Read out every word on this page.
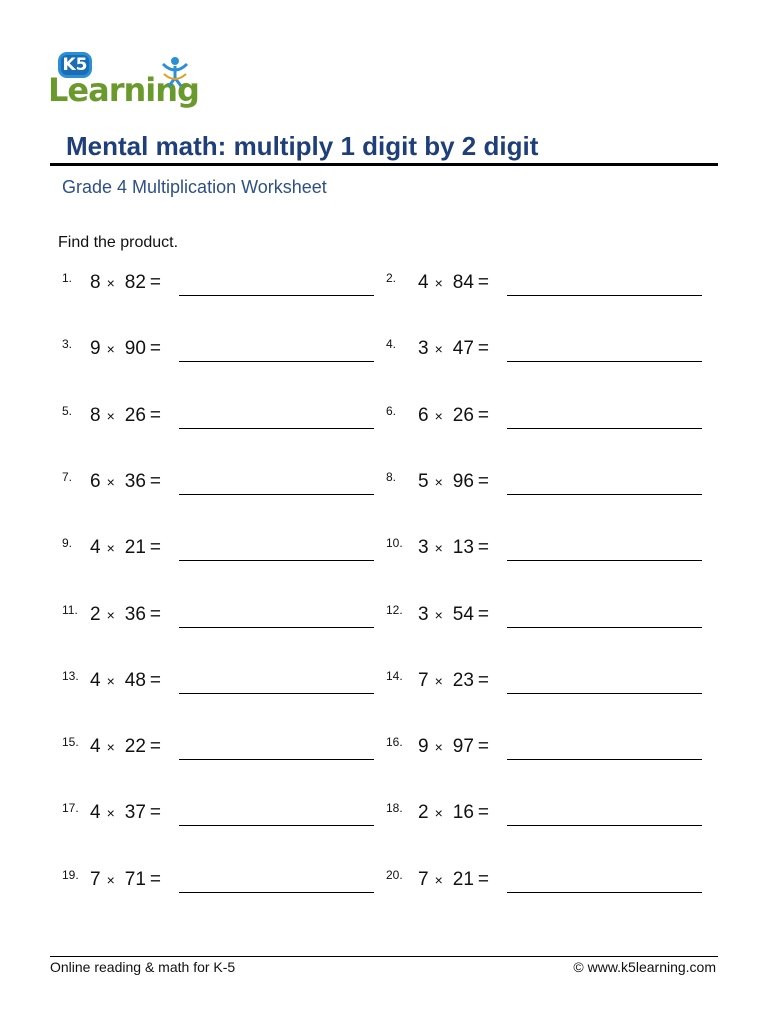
K5
Learning
Mental math: multiply 1 digit by 2 digit
Grade 4 Multiplication Worksheet
Find the product.
1. 8 × 82 =	2. 4 × 84 =
3. 9 × 90 =	4. 3 × 47 =
5. 8 × 26 =	6. 6 × 26 =
7. 6 × 36 =	8. 5 × 96 =
9. 4 × 21 =	10. 3 × 13 =
11. 2 × 36 =	12. 3 × 54 =
13. 4 × 48 =	14. 7 × 23 =
15. 4 × 22 =	16. 9 × 97 =
17. 4 × 37 =	18. 2 × 16 =
19. 7 × 71 =	20. 7 × 21 =
Online reading & math for K-5	© www.k5learning.com
